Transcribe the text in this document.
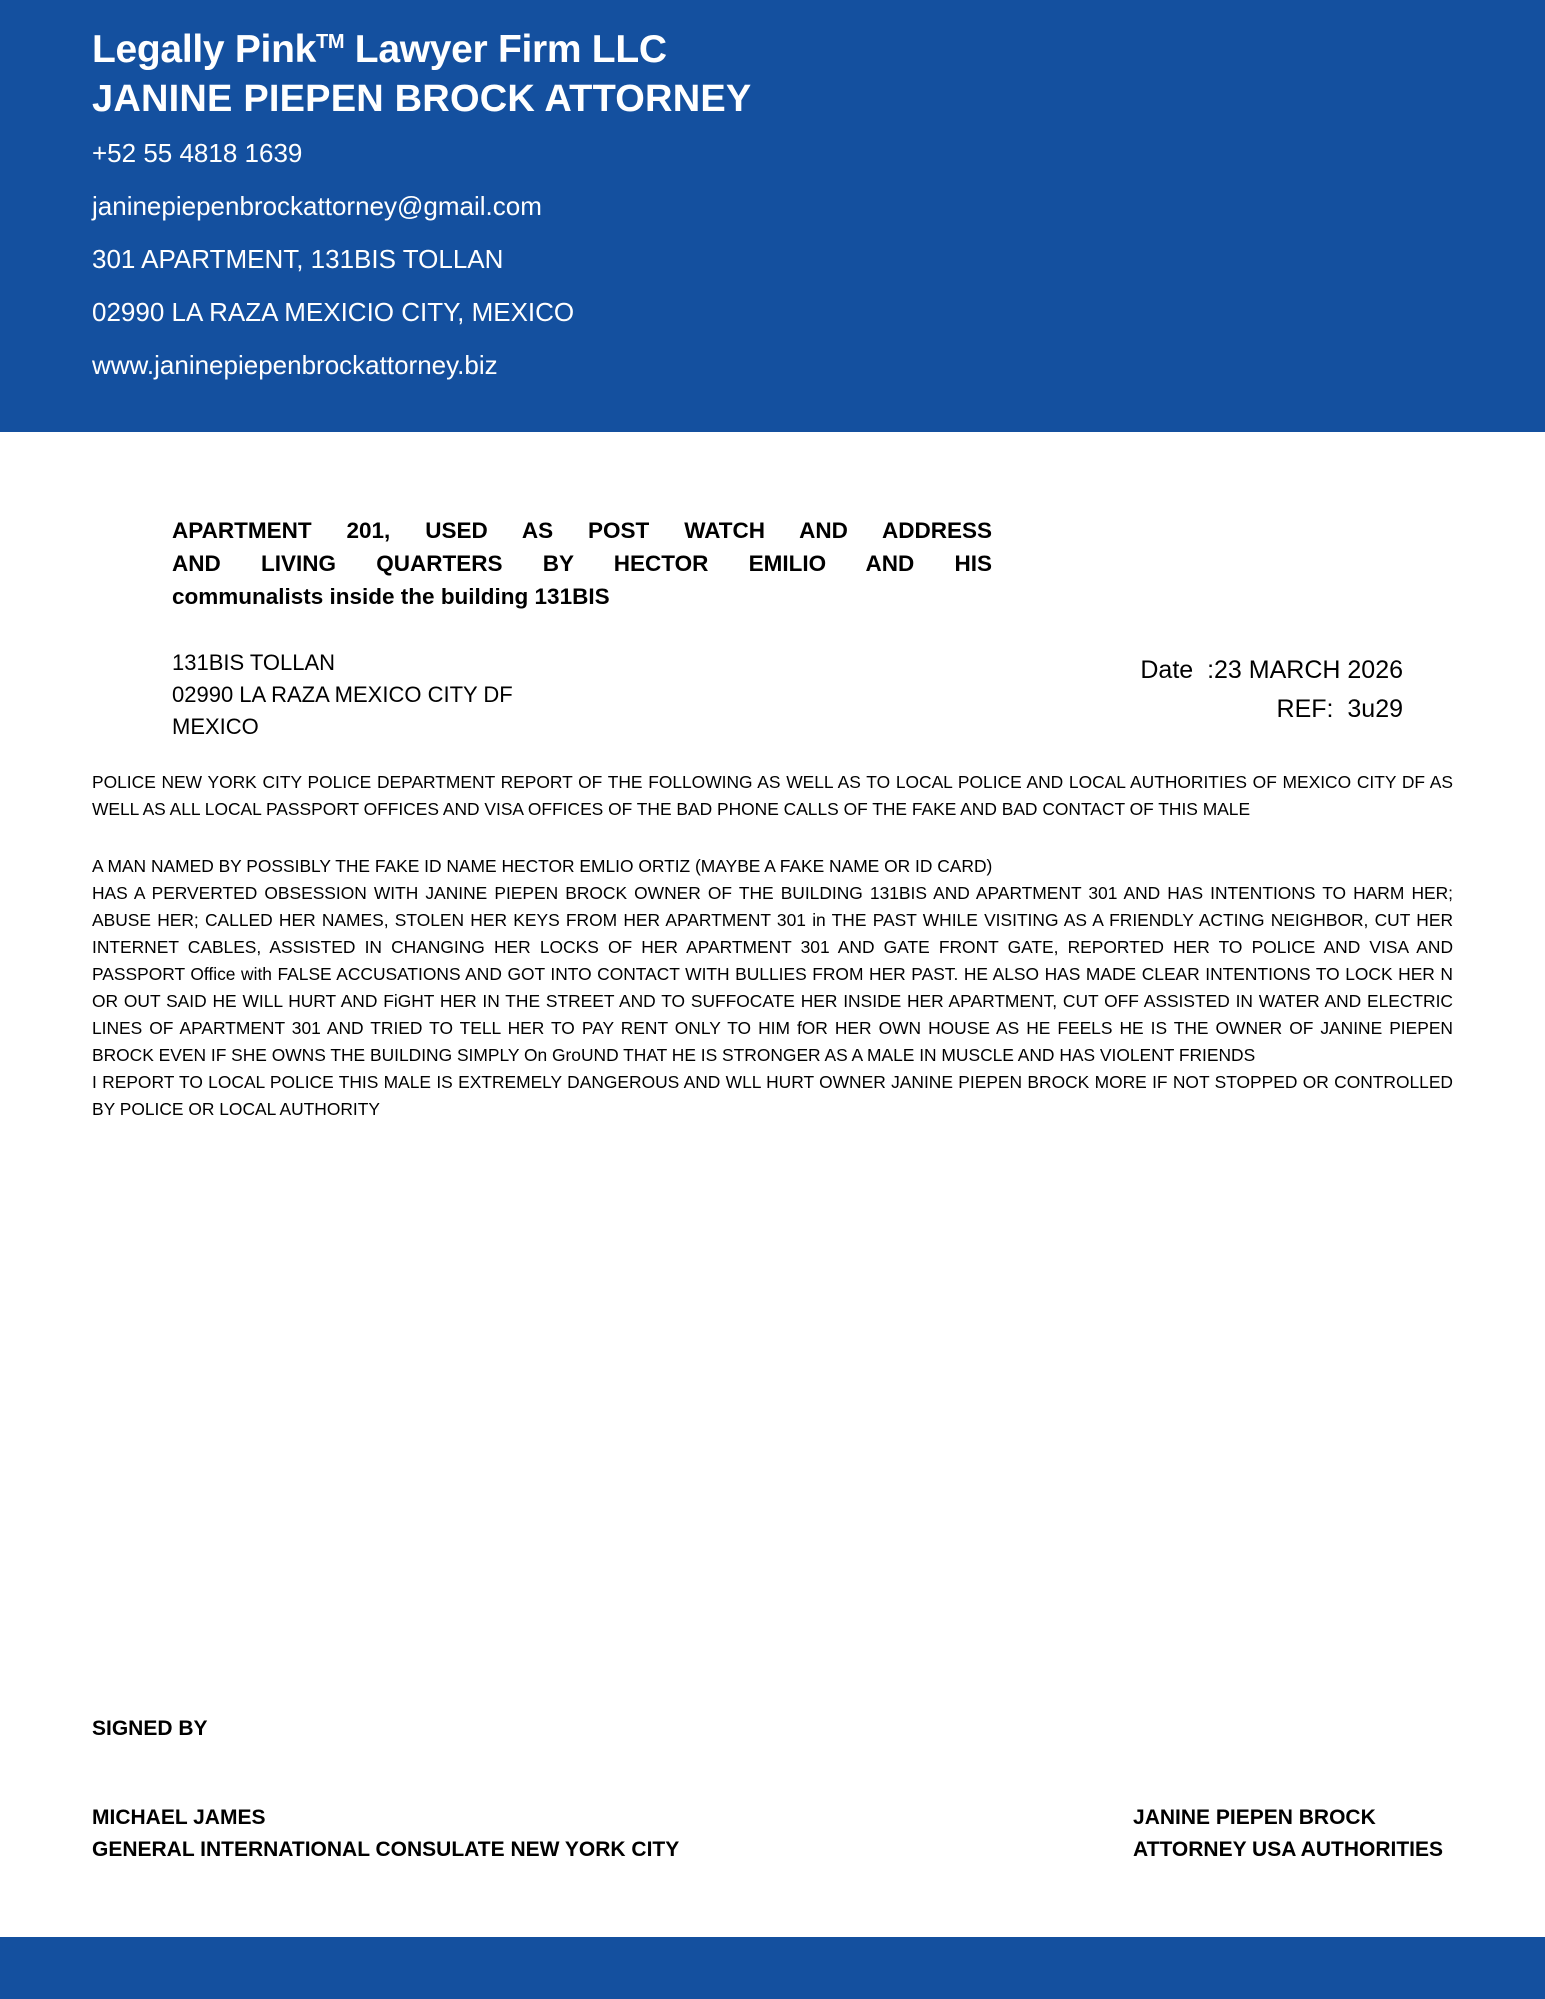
Legally Pink™ Lawyer Firm LLC
JANINE PIEPEN BROCK ATTORNEY
+52 55 4818 1639
janinepiepenbrockattorney@gmail.com
301 APARTMENT, 131BIS TOLLAN
02990 LA RAZA MEXICIO CITY, MEXICO
www.janinepiepenbrockattorney.biz
APARTMENT 201, USED AS POST WATCH AND ADDRESS
AND LIVING QUARTERS BY HECTOR EMILIO AND HIS
communalists inside the building 131BIS
131BIS TOLLAN
02990 LA RAZA MEXICO CITY DF
MEXICO
Date  :23 MARCH 2026
REF:  3u29

POLICE NEW YORK CITY POLICE DEPARTMENT REPORT OF THE FOLLOWING AS WELL AS TO LOCAL POLICE AND LOCAL AUTHORITIES OF MEXICO CITY DF AS WELL AS ALL LOCAL PASSPORT OFFICES AND VISA OFFICES OF THE BAD PHONE CALLS OF THE FAKE AND BAD CONTACT OF THIS MALE

A MAN NAMED BY POSSIBLY THE FAKE ID NAME HECTOR EMLIO ORTIZ (MAYBE A FAKE NAME OR ID CARD)
HAS A PERVERTED OBSESSION WITH JANINE PIEPEN BROCK OWNER OF THE BUILDING 131BIS AND APARTMENT 301 AND HAS INTENTIONS TO HARM HER; ABUSE HER; CALLED HER NAMES, STOLEN HER KEYS FROM HER APARTMENT 301 in THE PAST WHILE VISITING AS A FRIENDLY ACTING NEIGHBOR, CUT HER INTERNET CABLES, ASSISTED IN CHANGING HER LOCKS OF HER APARTMENT 301 AND GATE FRONT GATE, REPORTED HER TO POLICE AND VISA AND PASSPORT Office with FALSE ACCUSATIONS AND GOT INTO CONTACT WITH BULLIES FROM HER PAST. HE ALSO HAS MADE CLEAR INTENTIONS TO LOCK HER N OR OUT SAID HE WILL HURT AND FiGHT HER IN THE STREET AND TO SUFFOCATE HER INSIDE HER APARTMENT, CUT OFF ASSISTED IN WATER AND ELECTRIC LINES OF APARTMENT 301 AND TRIED TO TELL HER TO PAY RENT ONLY TO HIM fOR HER OWN HOUSE AS HE FEELS HE IS THE OWNER OF JANINE PIEPEN BROCK EVEN IF SHE OWNS THE BUILDING SIMPLY On GroUND THAT HE IS STRONGER AS A MALE IN MUSCLE AND HAS VIOLENT FRIENDS
I REPORT TO LOCAL POLICE THIS MALE IS EXTREMELY DANGEROUS AND WLL HURT OWNER JANINE PIEPEN BROCK MORE IF NOT STOPPED OR CONTROLLED BY POLICE OR LOCAL AUTHORITY
SIGNED BY
MICHAEL JAMES
GENERAL INTERNATIONAL CONSULATE NEW YORK CITY
JANINE PIEPEN BROCK
ATTORNEY USA AUTHORITIES
